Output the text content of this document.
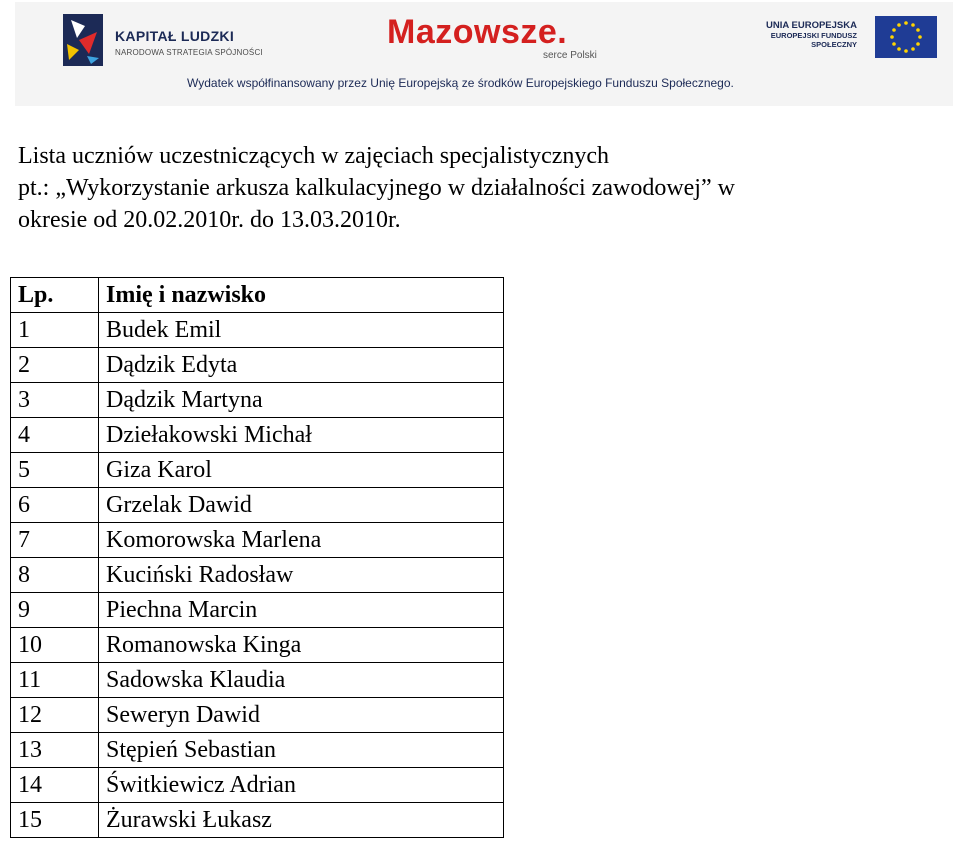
KAPITAŁ LUDZKI
NARODOWA STRATEGIA SPÓJNOŚCI
Mazowsze.
serce Polski
UNIA EUROPEJSKA
EUROPEJSKI FUNDUSZ
SPOŁECZNY
Wydatek współfinansowany przez Unię Europejską ze środków Europejskiego Funduszu Społecznego.
Lista uczniów uczestniczących w zajęciach specjalistycznych
pt.: „Wykorzystanie arkusza kalkulacyjnego w działalności zawodowej” w
okresie od 20.02.2010r. do 13.03.2010r.
Lp.	Imię i nazwisko
1	Budek Emil
2	Dądzik Edyta
3	Dądzik Martyna
4	Dziełakowski Michał
5	Giza Karol
6	Grzelak Dawid
7	Komorowska Marlena
8	Kuciński Radosław
9	Piechna Marcin
10	Romanowska Kinga
11	Sadowska Klaudia
12	Seweryn Dawid
13	Stępień Sebastian
14	Świtkiewicz Adrian
15	Żurawski Łukasz
